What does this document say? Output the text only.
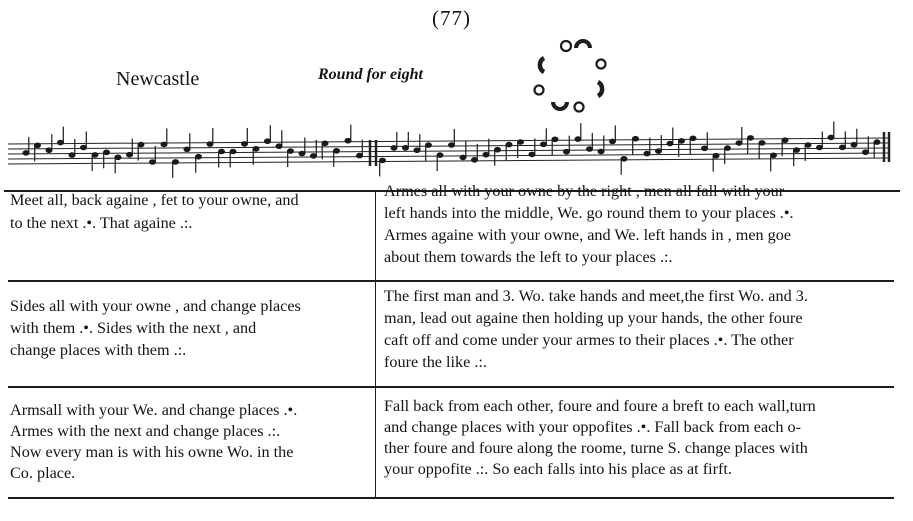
(77)
Newcastle	Round for eight
Meet all, back againe , fet to your owne, and
to the next .•. That againe .:.
Armes all with your owne by the right , men all fall with your
left hands into the middle, We. go round them to your places .•.
Armes againe with your owne, and We. left hands in , men goe
about them towards the left to your places .:.
Sides all with your owne , and change places
with them .•. Sides with the next , and
change places with them .:.
The first man and 3. Wo. take hands and meet,the first Wo. and 3.
man, lead out againe then holding up your hands, the other foure
caft off and come under your armes to their places .•. The other
foure the like .:.
Armsall with your We. and change places .•.
Armes with the next and change places .:.
Now every man is with his owne Wo. in the
Co. place.
Fall back from each other, foure and foure a breft to each wall,turn
and change places with your oppofites .•. Fall back from each o-
ther foure and foure along the roome, turne S. change places with
your oppofite .:. So each falls into his place as at firft.
